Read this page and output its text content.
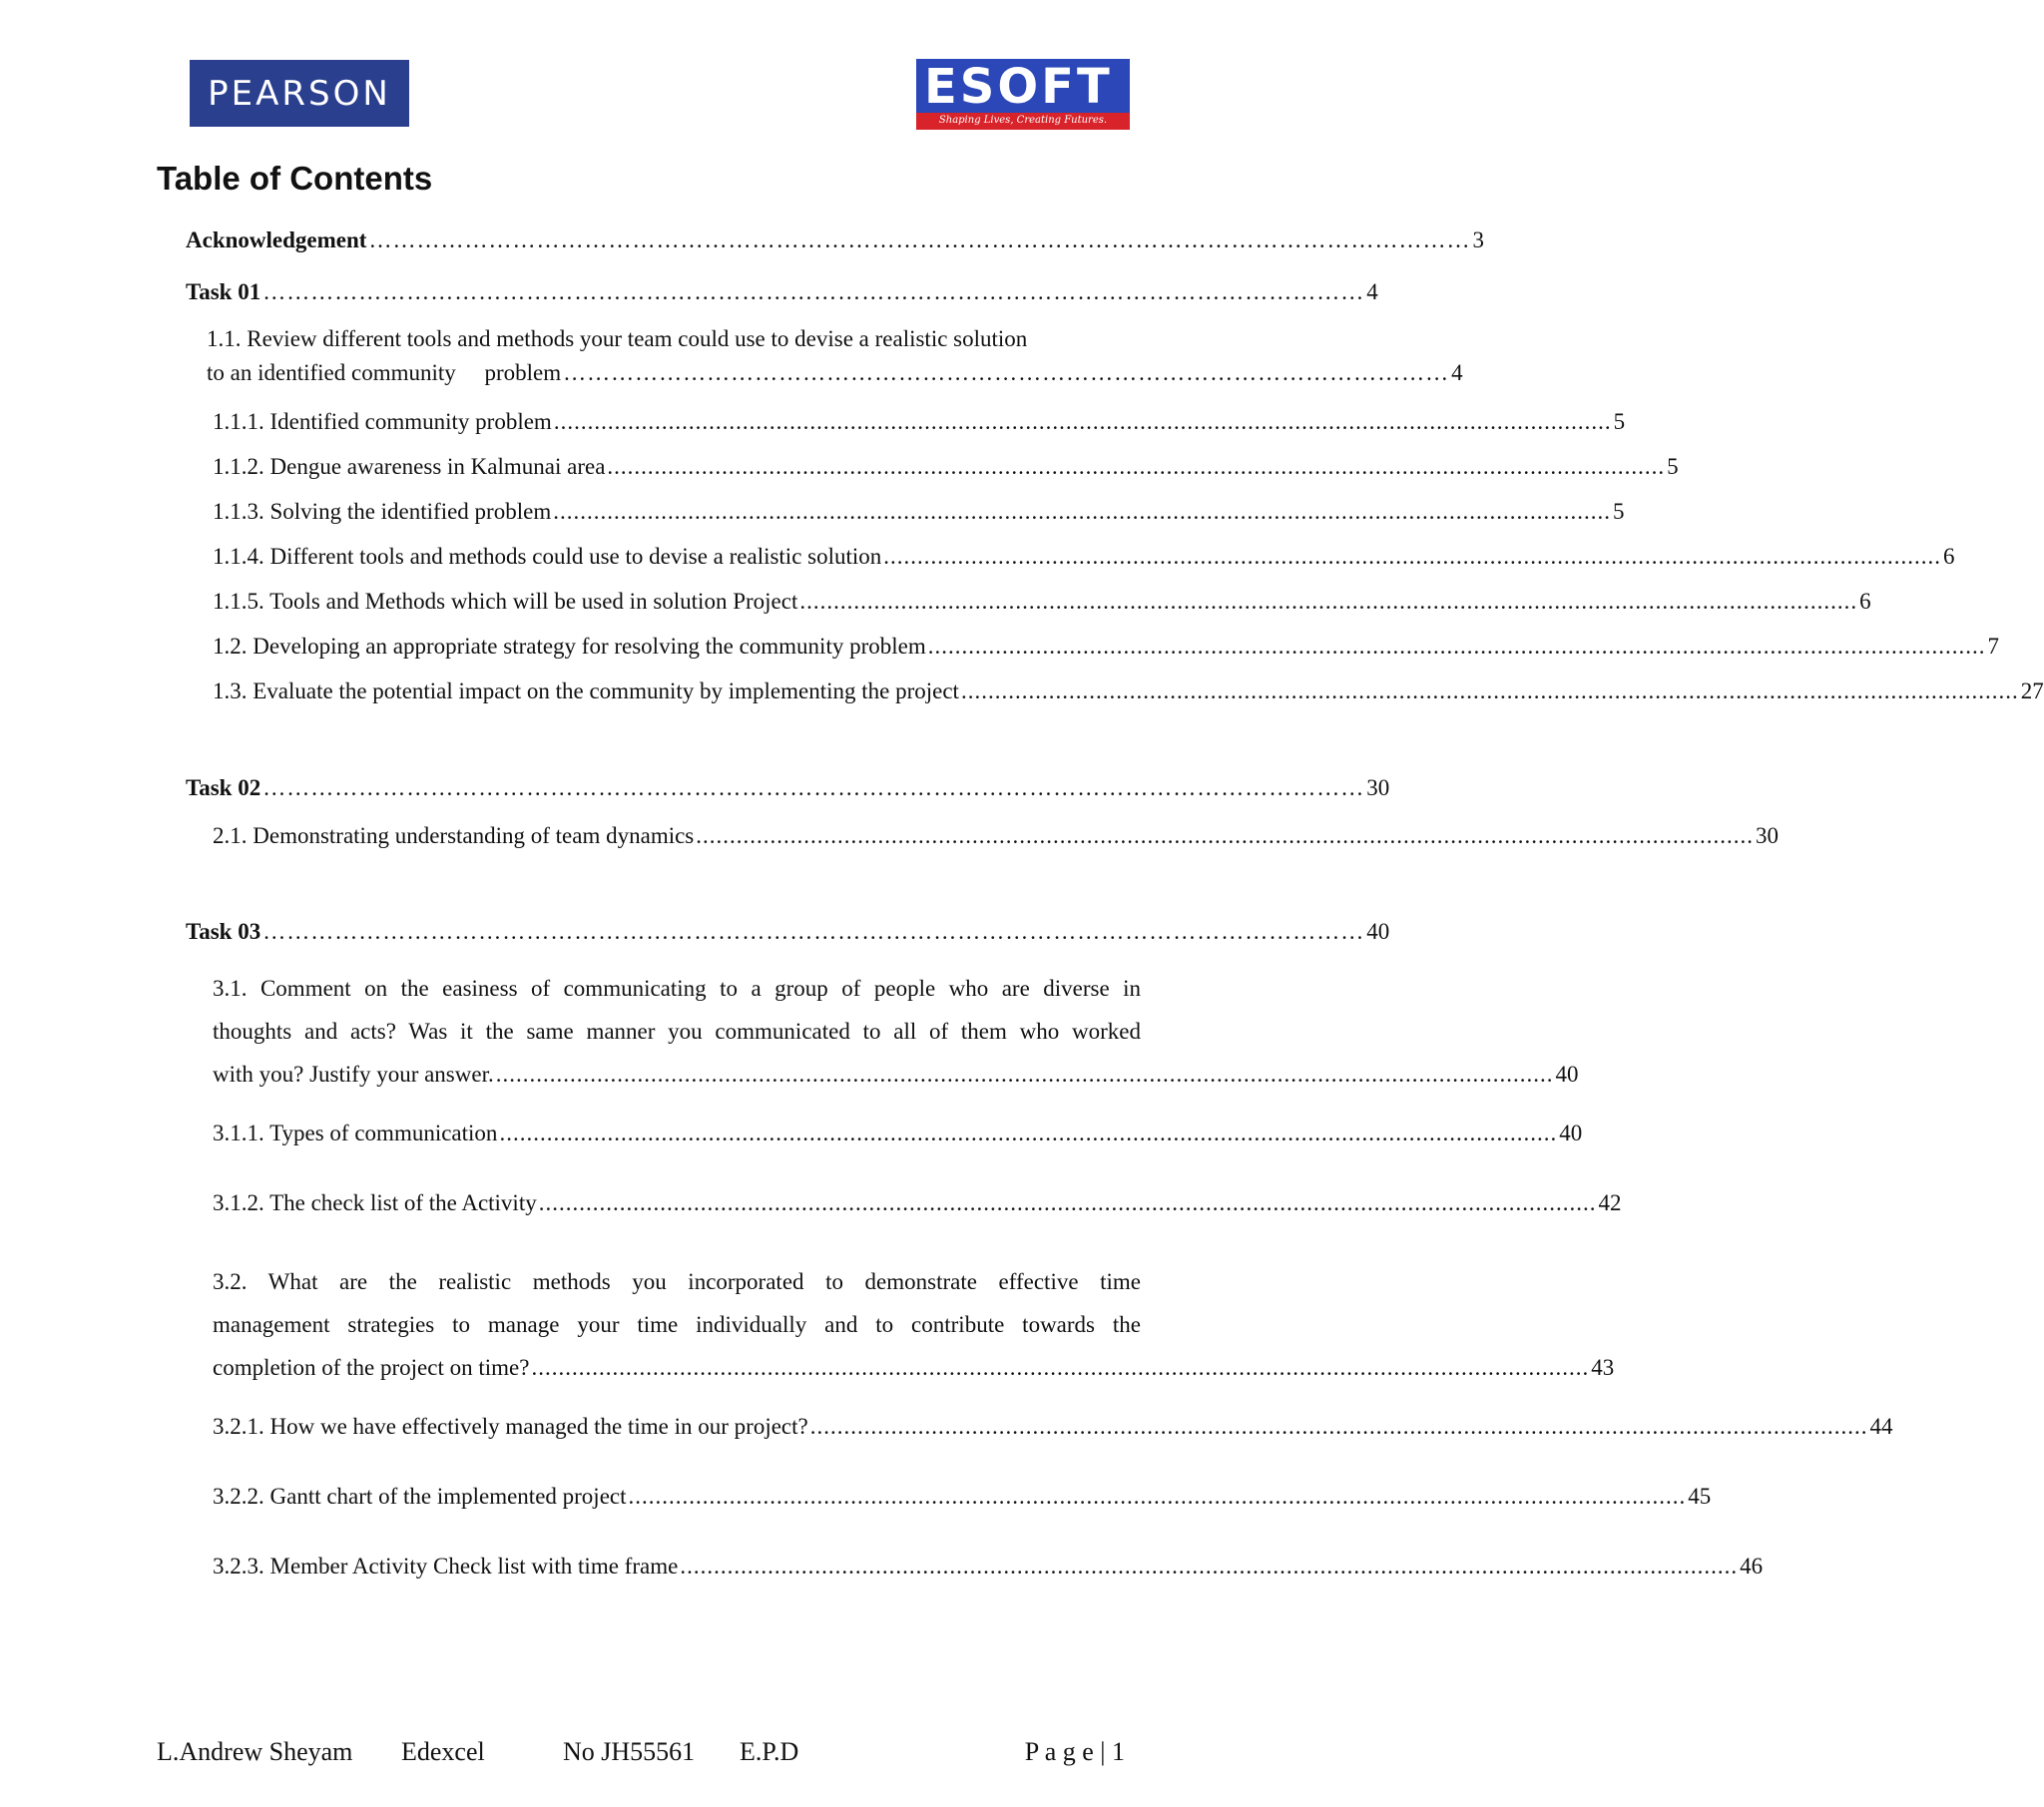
PEARSON	ESOFT
Shaping Lives, Creating Futures.
Table of Contents
Acknowledgement ………………………………………………………………………………………………………………………… 3
Task 01 ………………………………………………………………………………………………………………………… 4
1.1. Review different tools and methods your team could use to devise a realistic solution
to an identified community     problem ………………………………………………………………………………………………… 4
1.1.1. Identified community problem ............................................................................................................................................................. 5
1.1.2. Dengue awareness in Kalmunai area ............................................................................................................................................................. 5
1.1.3. Solving the identified problem ............................................................................................................................................................. 5
1.1.4. Different tools and methods could use to devise a realistic solution ............................................................................................................................................................. 6
1.1.5. Tools and Methods which will be used in solution Project ............................................................................................................................................................. 6
1.2. Developing an appropriate strategy for resolving the community problem ............................................................................................................................................................. 7
1.3. Evaluate the potential impact on the community by implementing the project ............................................................................................................................................................. 27
Task 02 ………………………………………………………………………………………………………………………… 30
2.1. Demonstrating understanding of team dynamics ............................................................................................................................................................. 30
Task 03 ………………………………………………………………………………………………………………………… 40
3.1. Comment on the easiness of communicating to a group of people who are diverse in
thoughts and acts? Was it the same manner you communicated to all of them who worked
with you? Justify your answer. ............................................................................................................................................................. 40
3.1.1. Types of communication ............................................................................................................................................................. 40
3.1.2. The check list of the Activity ............................................................................................................................................................. 42
3.2. What are the realistic methods you incorporated to demonstrate effective time
management strategies to manage your time individually and to contribute towards the
completion of the project on time? ............................................................................................................................................................. 43
3.2.1. How we have effectively managed the time in our project? ............................................................................................................................................................. 44
3.2.2. Gantt chart of the implemented project ............................................................................................................................................................. 45
3.2.3. Member Activity Check list with time frame ............................................................................................................................................................. 46
L.Andrew Sheyam Edexcel	No JH55561 E.P.D	P a g e | 1
